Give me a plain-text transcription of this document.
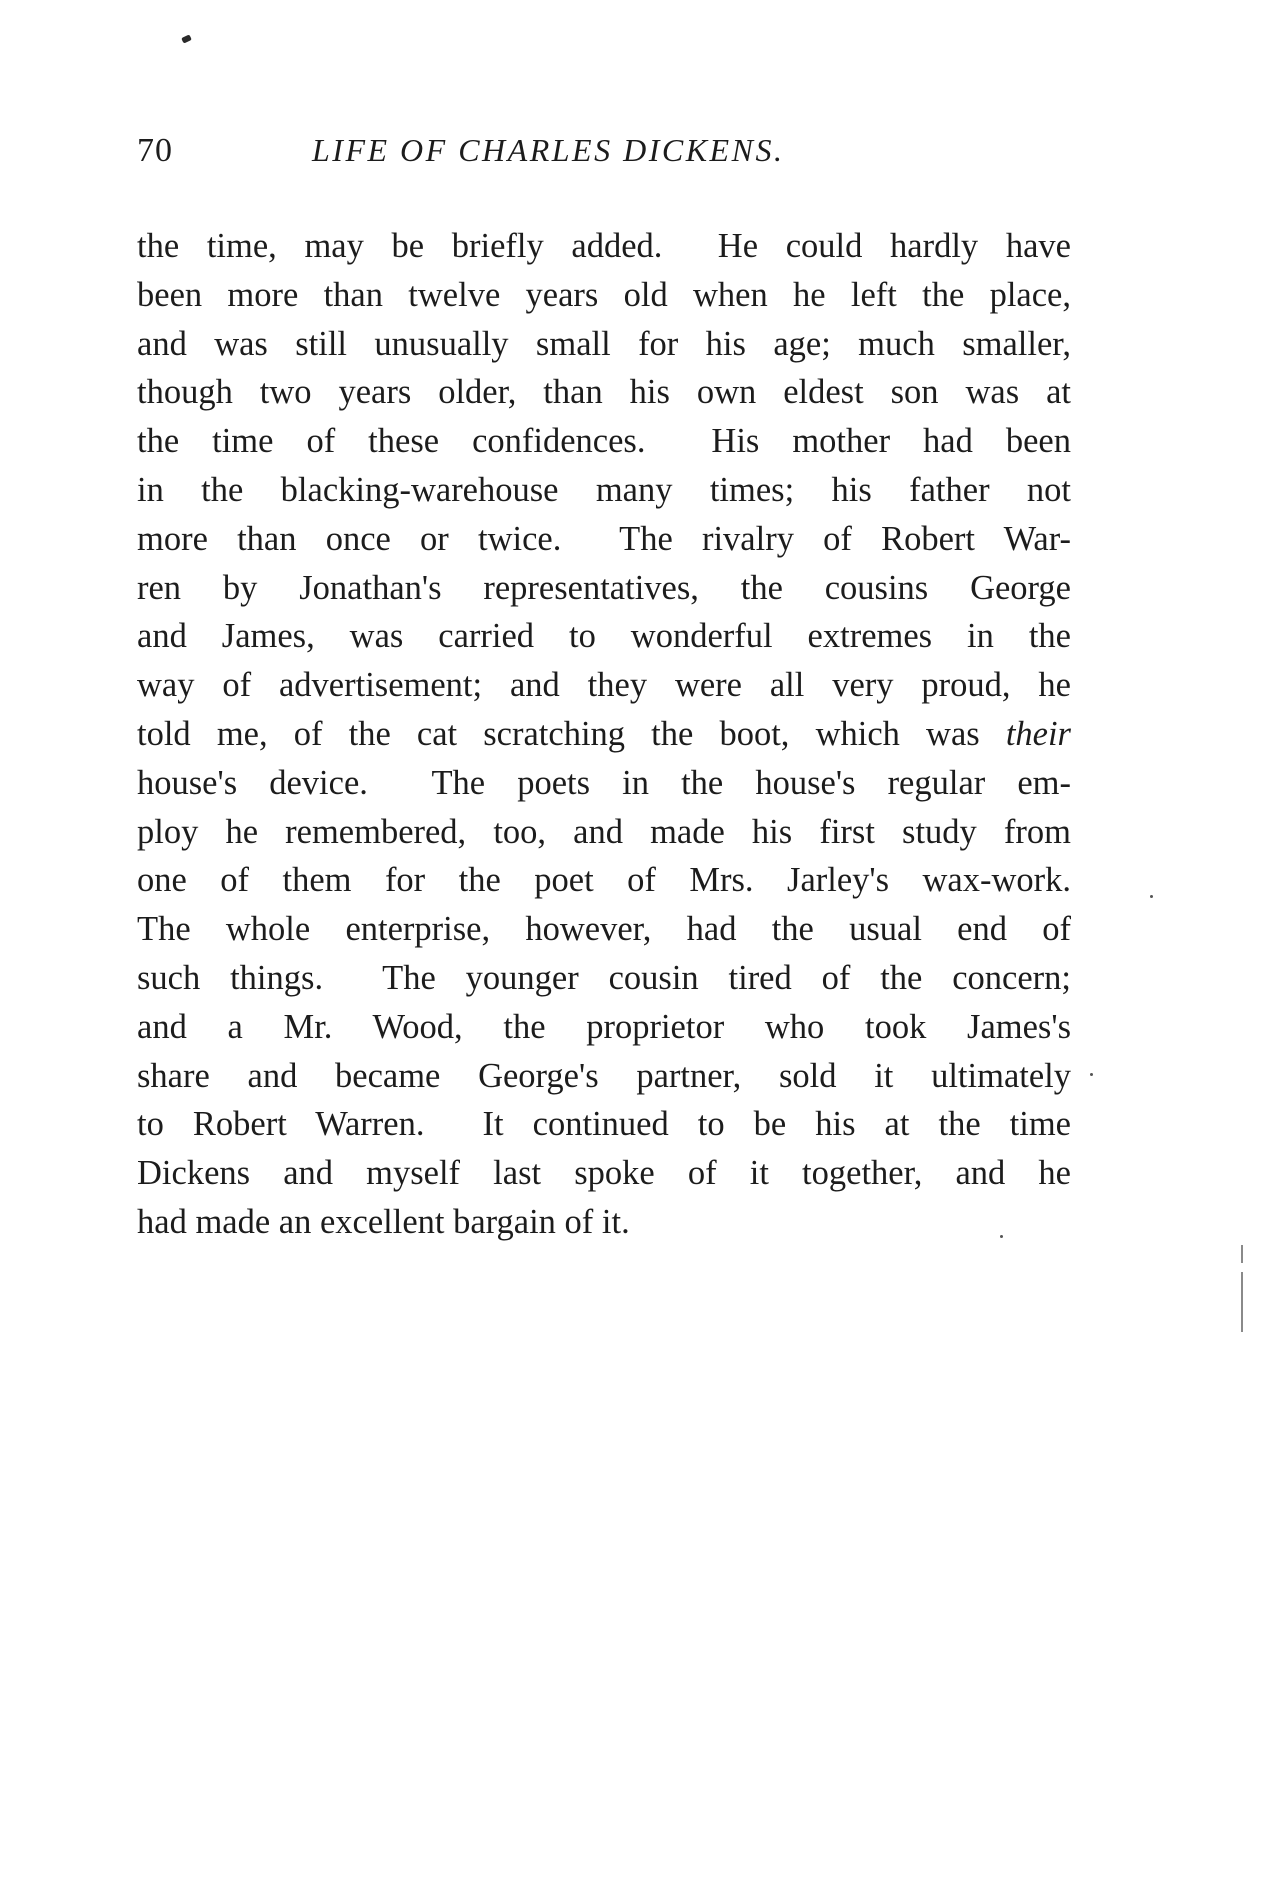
70	LIFE OF CHARLES DICKENS.
the time, may be briefly added.  He could hardly have
been more than twelve years old when he left the place,
and was still unusually small for his age; much smaller,
though two years older, than his own eldest son was at
the time of these confidences.  His mother had been
in the blacking-warehouse many times; his father not
more than once or twice.  The rivalry of Robert War-
ren by Jonathan's representatives, the cousins George
and James, was carried to wonderful extremes in the
way of advertisement; and they were all very proud, he
told me, of the cat scratching the boot, which was their
house's device.  The poets in the house's regular em-
ploy he remembered, too, and made his first study from
one of them for the poet of Mrs. Jarley's wax-work.
The whole enterprise, however, had the usual end of
such things.  The younger cousin tired of the concern;
and a Mr. Wood, the proprietor who took James's
share and became George's partner, sold it ultimately
to Robert Warren.  It continued to be his at the time
Dickens and myself last spoke of it together, and he
had made an excellent bargain of it.
